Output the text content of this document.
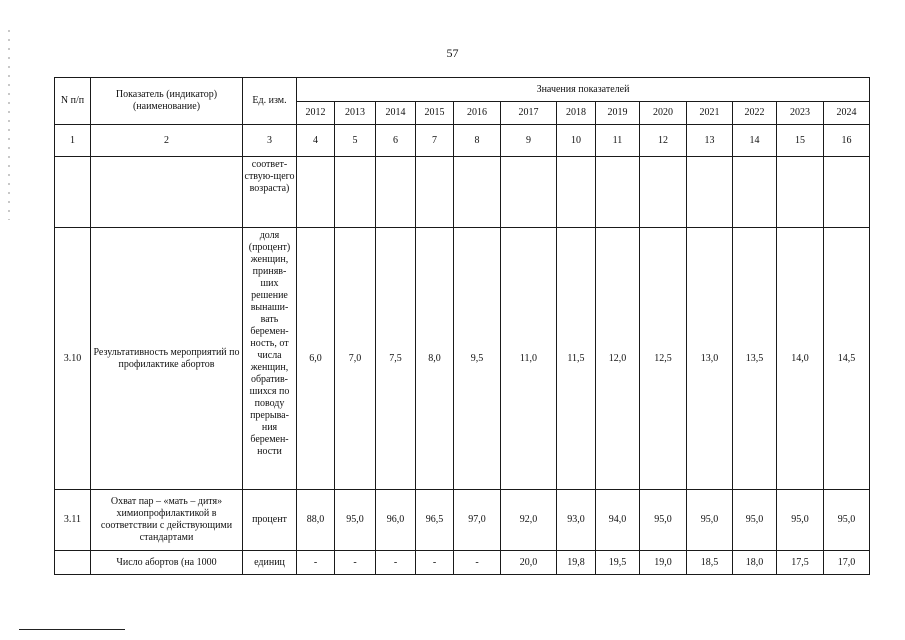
57
N п/п	Показатель (индикатор) (наименование)	Ед. изм.	Значения показателей												
			2012	2013	2014	2015	2016	2017	2018	2019	2020	2021	2022	2023	2024
1	2	3	4	5	6	7	8	9	10	11	12	13	14	15	16
		соответ-ствую-щего возраста)													
3.10	Результативность мероприятий по профилактике абортов	доля (процент) женщин, приняв-ших решение вынаши-вать беремен-ность, от числа женщин, обратив-шихся по поводу прерыва-ния беремен-ности	6,0	7,0	7,5	8,0	9,5	11,0	11,5	12,0	12,5	13,0	13,5	14,0	14,5
3.11	Охват пар – «мать – дитя» химиопрофилактикой в соответствии с действующими стандартами	процент	88,0	95,0	96,0	96,5	97,0	92,0	93,0	94,0	95,0	95,0	95,0	95,0	95,0
	Число абортов (на 1000	единиц	-	-	-	-	-	20,0	19,8	19,5	19,0	18,5	18,0	17,5	17,0
